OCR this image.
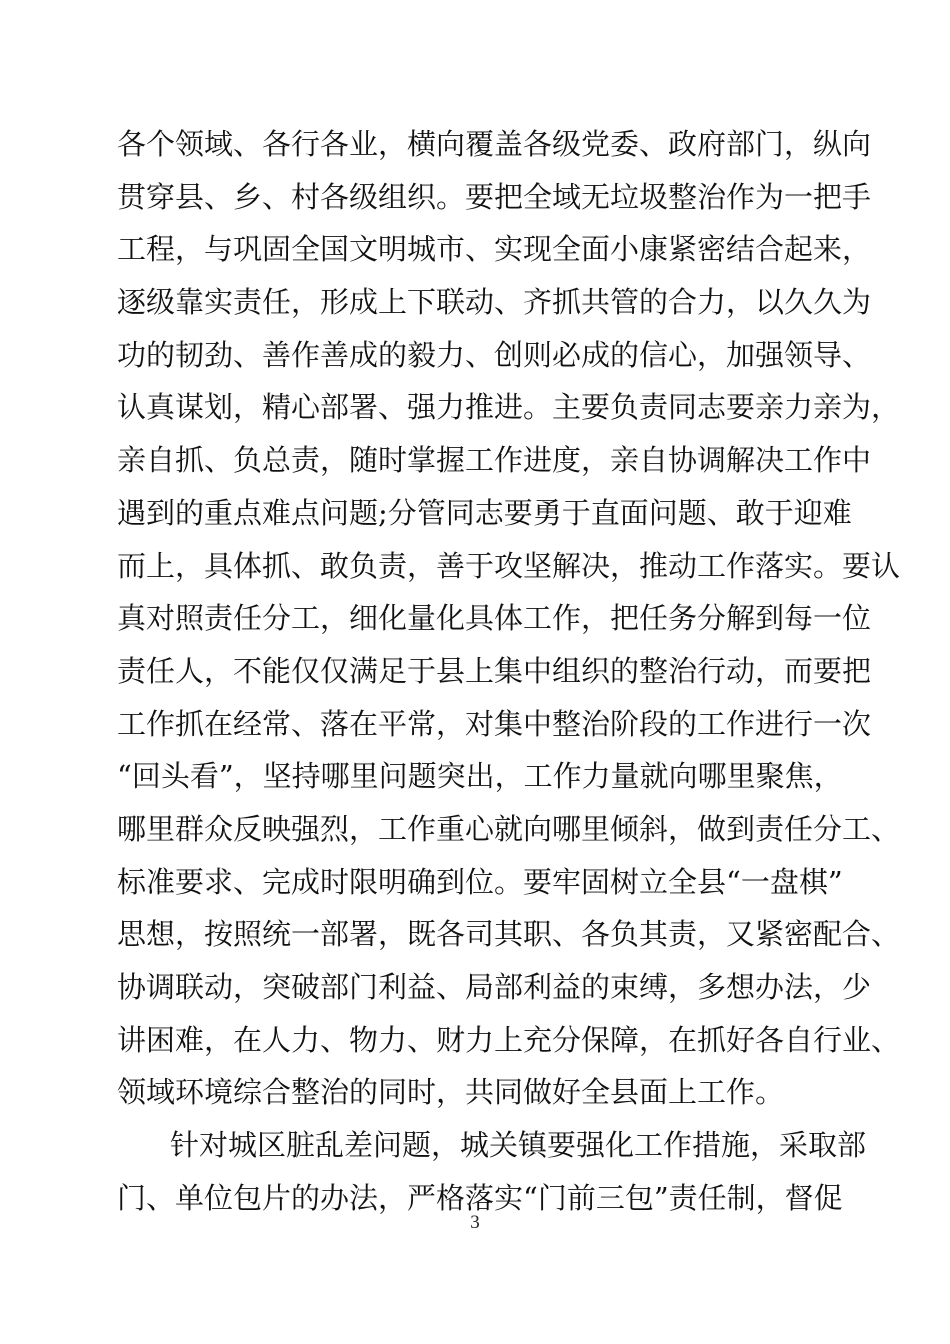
各个领域、各行各业，横向覆盖各级党委、政府部门，纵向
贯穿县、乡、村各级组织。要把全域无垃圾整治作为一把手
工程，与巩固全国文明城市、实现全面小康紧密结合起来，
逐级靠实责任，形成上下联动、齐抓共管的合力，以久久为
功的韧劲、善作善成的毅力、创则必成的信心，加强领导、
认真谋划，精心部署、强力推进。主要负责同志要亲力亲为，
亲自抓、负总责，随时掌握工作进度，亲自协调解决工作中
遇到的重点难点问题;分管同志要勇于直面问题、敢于迎难
而上，具体抓、敢负责，善于攻坚解决，推动工作落实。要认
真对照责任分工，细化量化具体工作，把任务分解到每一位
责任人，不能仅仅满足于县上集中组织的整治行动，而要把
工作抓在经常、落在平常，对集中整治阶段的工作进行一次
“回头看”，坚持哪里问题突出，工作力量就向哪里聚焦，
哪里群众反映强烈，工作重心就向哪里倾斜，做到责任分工、
标准要求、完成时限明确到位。要牢固树立全县“一盘棋”
思想，按照统一部署，既各司其职、各负其责，又紧密配合、
协调联动，突破部门利益、局部利益的束缚，多想办法，少
讲困难，在人力、物力、财力上充分保障，在抓好各自行业、
领域环境综合整治的同时，共同做好全县面上工作。
针对城区脏乱差问题，城关镇要强化工作措施，采取部
门、单位包片的办法，严格落实“门前三包”责任制，督促
3
